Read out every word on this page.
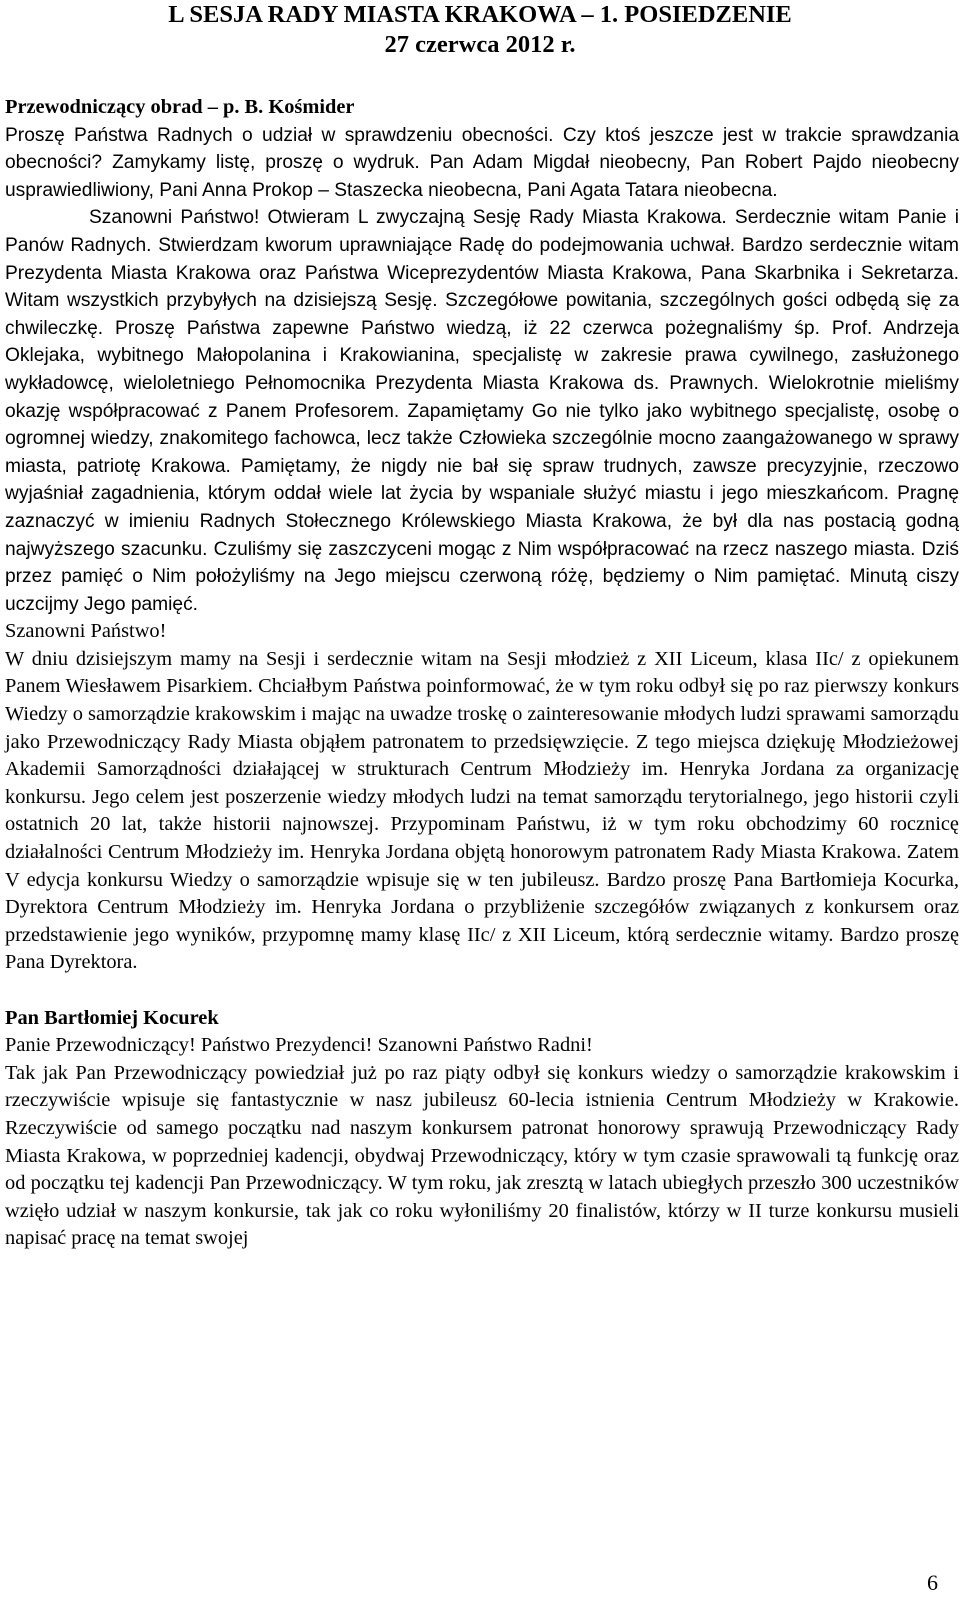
L SESJA RADY MIASTA KRAKOWA – 1. POSIEDZENIE
27 czerwca 2012 r.

Przewodniczący obrad – p. B. Kośmider

Proszę Państwa Radnych o udział w sprawdzeniu obecności. Czy ktoś jeszcze jest w trakcie sprawdzania obecności? Zamykamy listę, proszę o wydruk. Pan Adam Migdał nieobecny, Pan Robert Pajdo nieobecny usprawiedliwiony, Pani Anna Prokop – Staszecka nieobecna, Pani Agata Tatara nieobecna.

Szanowni Państwo! Otwieram L zwyczajną Sesję Rady Miasta Krakowa. Serdecznie witam Panie i Panów Radnych. Stwierdzam kworum uprawniające Radę do podejmowania uchwał. Bardzo serdecznie witam Prezydenta Miasta Krakowa oraz Państwa Wiceprezydentów Miasta Krakowa, Pana Skarbnika i Sekretarza. Witam wszystkich przybyłych na dzisiejszą Sesję. Szczegółowe powitania, szczególnych gości odbędą się za chwileczkę. Proszę Państwa zapewne Państwo wiedzą, iż 22 czerwca pożegnaliśmy śp. Prof. Andrzeja Oklejaka, wybitnego Małopolanina i Krakowianina, specjalistę w zakresie prawa cywilnego, zasłużonego wykładowcę, wieloletniego Pełnomocnika Prezydenta Miasta Krakowa ds. Prawnych. Wielokrotnie mieliśmy okazję współpracować z Panem Profesorem. Zapamiętamy Go nie tylko jako wybitnego specjalistę, osobę o ogromnej wiedzy, znakomitego fachowca, lecz także Człowieka szczególnie mocno zaangażowanego w sprawy miasta, patriotę Krakowa. Pamiętamy, że nigdy nie bał się spraw trudnych, zawsze precyzyjnie, rzeczowo wyjaśniał zagadnienia, którym oddał wiele lat życia by wspaniale służyć miastu i jego mieszkańcom. Pragnę zaznaczyć w imieniu Radnych Stołecznego Królewskiego Miasta Krakowa, że był dla nas postacią godną najwyższego szacunku. Czuliśmy się zaszczyceni mogąc z Nim współpracować na rzecz naszego miasta. Dziś przez pamięć o Nim położyliśmy na Jego miejscu czerwoną różę, będziemy o Nim pamiętać. Minutą ciszy uczcijmy Jego pamięć.

Szanowni Państwo!

W dniu dzisiejszym mamy na Sesji i serdecznie witam na Sesji młodzież z XII Liceum, klasa IIc/ z opiekunem Panem Wiesławem Pisarkiem. Chciałbym Państwa poinformować, że w tym roku odbył się po raz pierwszy konkurs Wiedzy o samorządzie krakowskim i mając na uwadze troskę o zainteresowanie młodych ludzi sprawami samorządu jako Przewodniczący Rady Miasta objąłem patronatem to przedsięwzięcie. Z tego miejsca dziękuję Młodzieżowej Akademii Samorządności działającej w strukturach Centrum Młodzieży im. Henryka Jordana za organizację konkursu. Jego celem jest poszerzenie wiedzy młodych ludzi na temat samorządu terytorialnego, jego historii czyli ostatnich 20 lat, także historii najnowszej. Przypominam Państwu, iż w tym roku obchodzimy 60 rocznicę działalności Centrum Młodzieży im. Henryka Jordana objętą honorowym patronatem Rady Miasta Krakowa. Zatem V edycja konkursu Wiedzy o samorządzie wpisuje się w ten jubileusz. Bardzo proszę Pana Bartłomieja Kocurka, Dyrektora Centrum Młodzieży im. Henryka Jordana o przybliżenie szczegółów związanych z konkursem oraz przedstawienie jego wyników, przypomnę mamy klasę IIc/ z XII Liceum, którą serdecznie witamy. Bardzo proszę Pana Dyrektora.

Pan Bartłomiej Kocurek

Panie Przewodniczący! Państwo Prezydenci! Szanowni Państwo Radni!

Tak jak Pan Przewodniczący powiedział już po raz piąty odbył się konkurs wiedzy o samorządzie krakowskim i rzeczywiście wpisuje się fantastycznie w nasz jubileusz 60-lecia istnienia Centrum Młodzieży w Krakowie. Rzeczywiście od samego początku nad naszym konkursem patronat honorowy sprawują Przewodniczący Rady Miasta Krakowa, w poprzedniej kadencji, obydwaj Przewodniczący, który w tym czasie sprawowali tą funkcję oraz od początku tej kadencji Pan Przewodniczący. W tym roku, jak zresztą w latach ubiegłych przeszło 300 uczestników wzięło udział w naszym konkursie, tak jak co roku wyłoniliśmy 20 finalistów, którzy w II turze konkursu musieli napisać pracę na temat swojej

6
